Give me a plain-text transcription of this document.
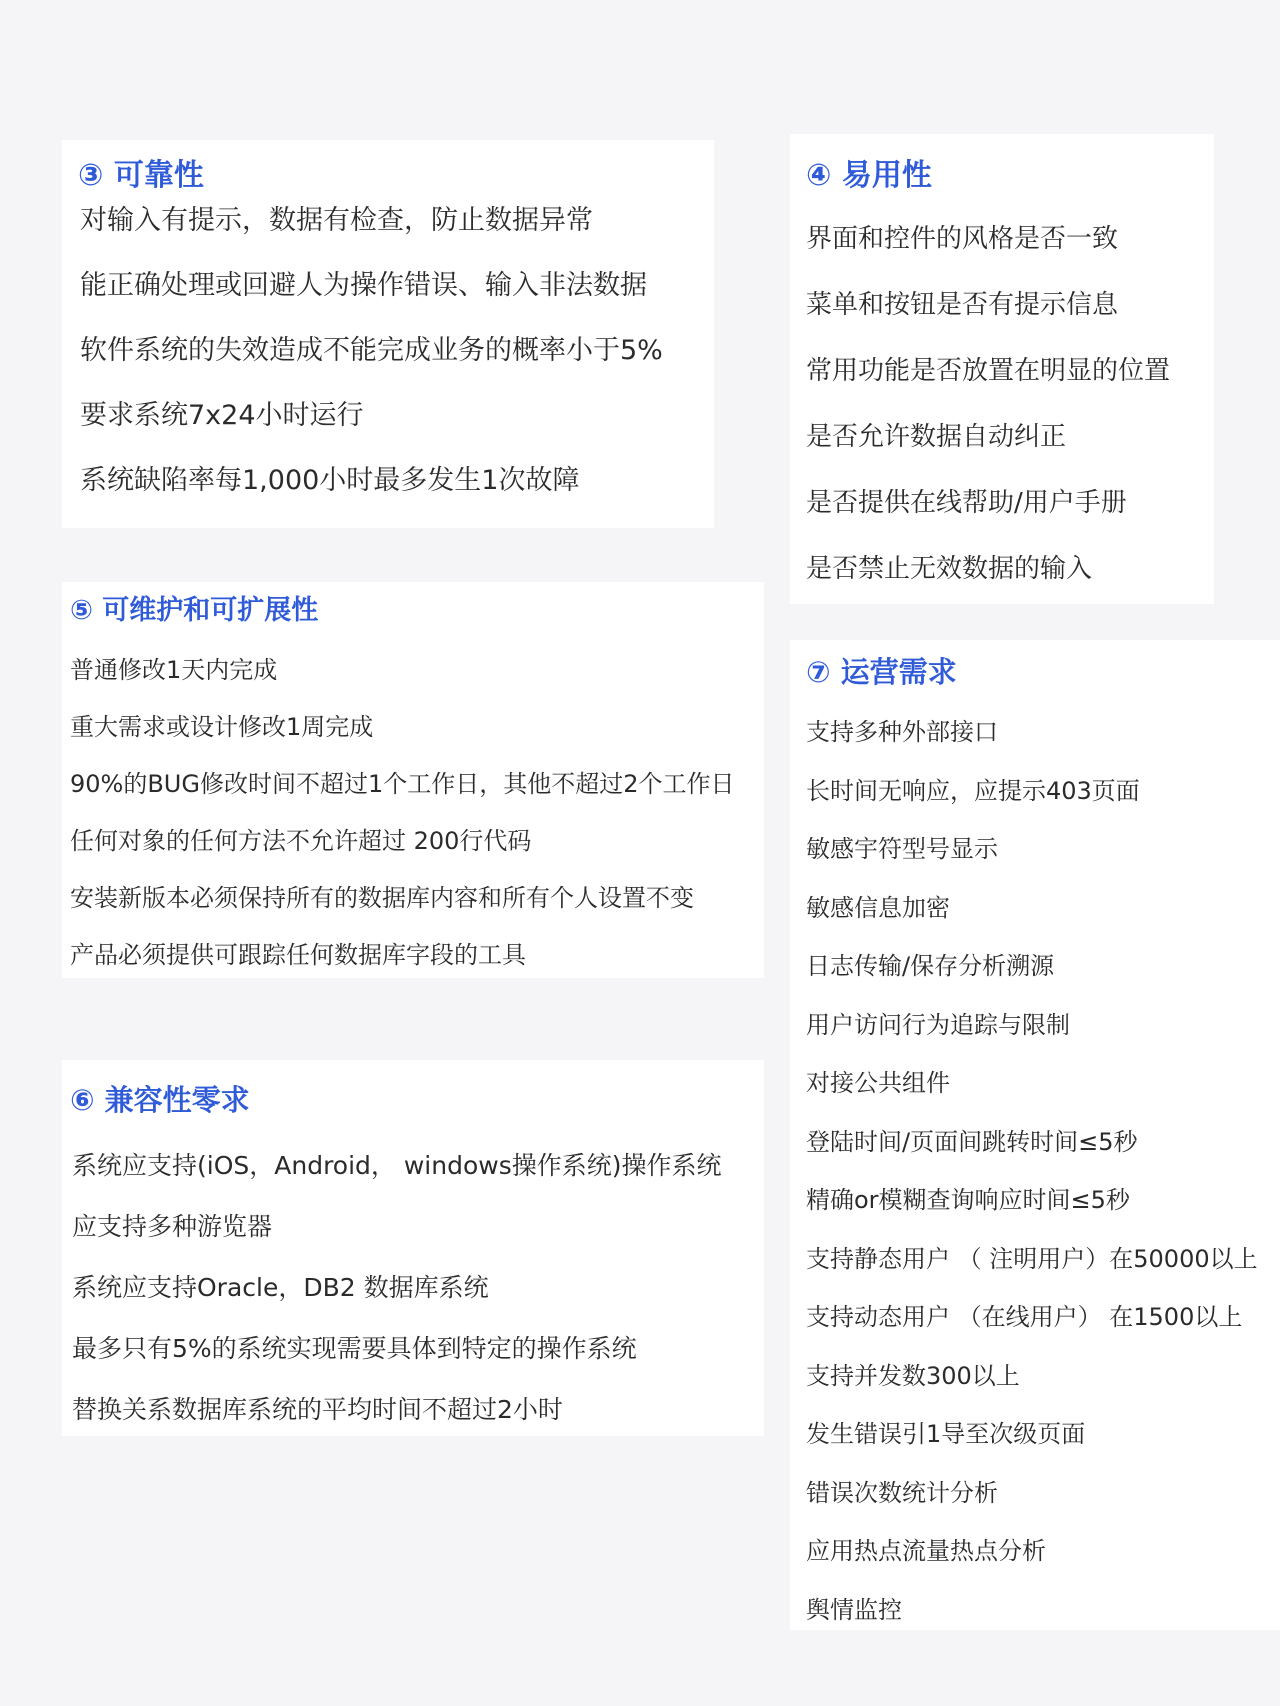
③ 可靠性
对输入有提示，数据有检查，防止数据异常
能正确处理或回避人为操作错误、输入非法数据
软件系统的失效造成不能完成业务的概率小于5%
要求系统7x24小时运行
系统缺陷率每1,000小时最多发生1次故障
④ 易用性
界面和控件的风格是否一致
菜单和按钮是否有提示信息
常用功能是否放置在明显的位置
是否允许数据自动纠正
是否提供在线帮助/用户手册
是否禁止无效数据的输入
⑤ 可维护和可扩展性
普通修改1天内完成
重大需求或设计修改1周完成
90%的BUG修改时间不超过1个工作日，其他不超过2个工作日
任何对象的任何方法不允许超过 200行代码
安装新版本必须保持所有的数据库内容和所有个人设置不变
产品必须提供可跟踪任何数据库字段的工具
⑥ 兼容性零求
系统应支持(iOS，Android， windows操作系统)操作系统
应支持多种游览器
系统应支持Oracle，DB2 数据库系统
最多只有5%的系统实现需要具体到特定的操作系统
替换关系数据库系统的平均时间不超过2小时
⑦ 运营需求
支持多种外部接口
长时间无响应，应提示403页面
敏感宇符型号显示
敏感信息加密
日志传输/保存分析溯源
用户访问行为追踪与限制
对接公共组件
登陆时间/页面间跳转时间≤5秒
精确or模糊查询响应时间≤5秒
支持静态用户 （ 注明用户）在50000以上
支持动态用户 （在线用户） 在1500以上
支持并发数300以上
发生错误引1导至次级页面
错误次数统计分析
应用热点流量热点分析
舆情监控
